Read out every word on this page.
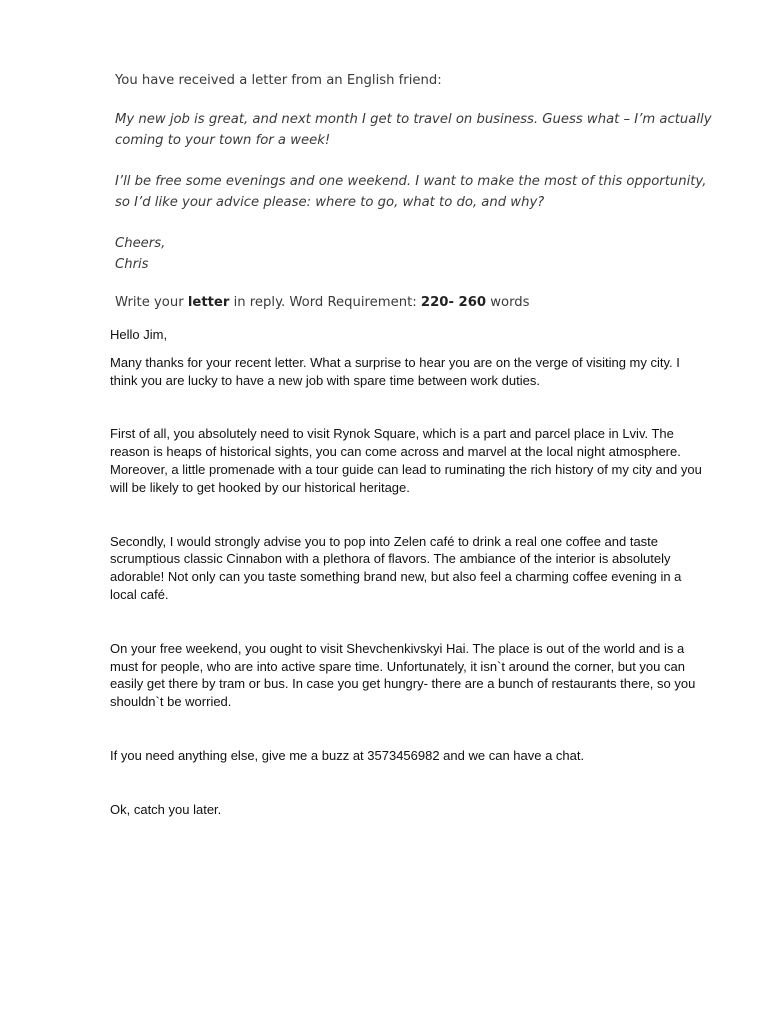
You have received a letter from an English friend:

My new job is great, and next month I get to travel on business. Guess what – I’m actually coming to your town for a week!

I’ll be free some evenings and one weekend. I want to make the most of this opportunity, so I’d like your advice please: where to go, what to do, and why?

Cheers,
Chris

Write your letter in reply. Word Requirement: 220- 260 words

Hello Jim,

Many thanks for your recent letter. What a surprise to hear you are on the verge of visiting my city. I think you are lucky to have a new job with spare time between work duties.

First of all, you absolutely need to visit Rynok Square, which is a part and parcel place in Lviv. The reason is heaps of historical sights, you can come across and marvel at the local night atmosphere. Moreover, a little promenade with a tour guide can lead to ruminating the rich history of my city and you will be likely to get hooked by our historical heritage.

Secondly, I would strongly advise you to pop into Zelen café to drink a real one coffee and taste scrumptious classic Cinnabon with a plethora of flavors. The ambiance of the interior is absolutely adorable! Not only can you taste something brand new, but also feel a charming coffee evening in a local café.

On your free weekend, you ought to visit Shevchenkivskyi Hai. The place is out of the world and is a must for people, who are into active spare time. Unfortunately, it isn`t around the corner, but you can easily get there by tram or bus. In case you get hungry- there are a bunch of restaurants there, so you shouldn`t be worried.

If you need anything else, give me a buzz at 3573456982 and we can have a chat.

Ok, catch you later.
